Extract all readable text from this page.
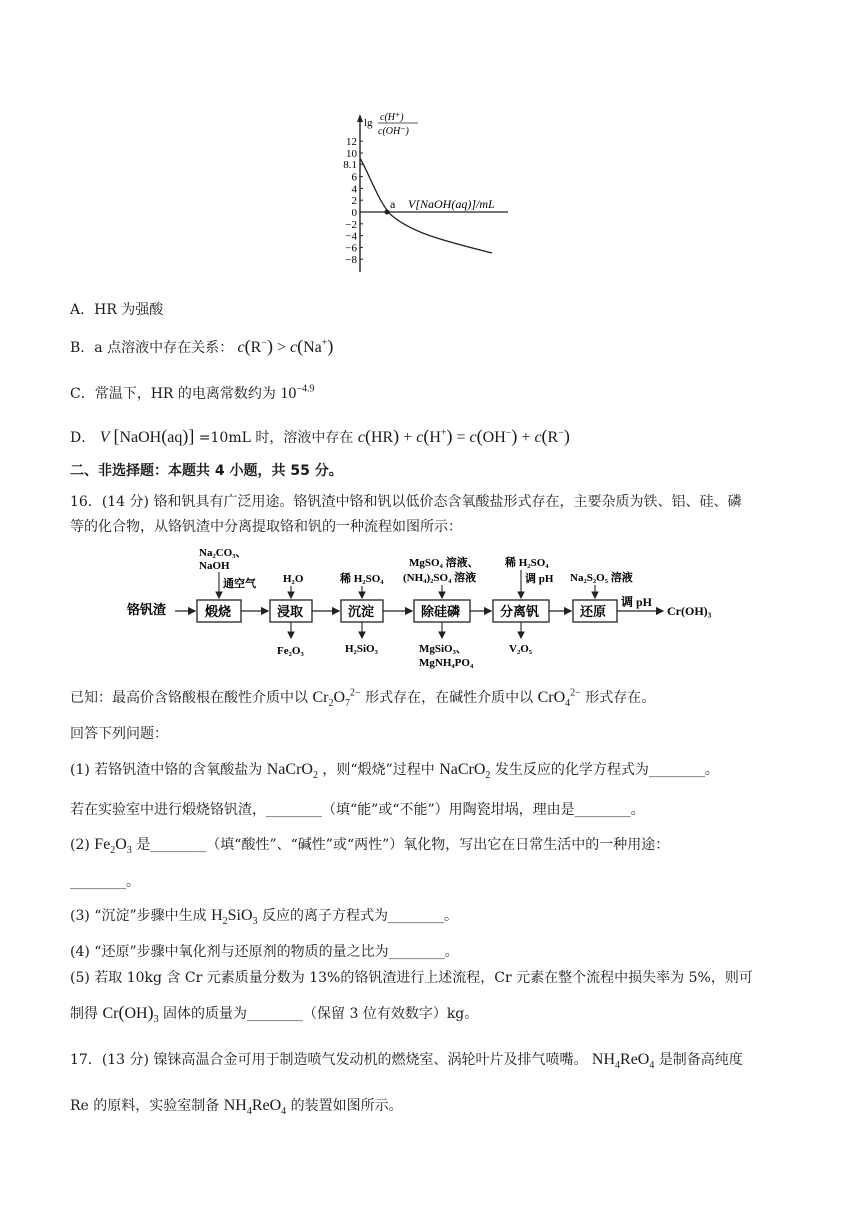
12
10
8.1
6
4
2
0
−2
−4
−6
−8
a V[NaOH(aq)]/mL
lg c(H⁺)
c(OH⁻)
A．HR 为强酸
B．a 点溶液中存在关系： c(R−) > c(Na+)
C．常温下，HR 的电离常数约为 $10^{-4.9}$
D． V [NaOH(aq)] =10mL 时，溶液中存在 c(HR) + c(H+) = c(OH−) + c(R−)
二、非选择题：本题共 4 小题，共 55 分。
16．(14 分) 铬和钒具有广泛用途。铬钒渣中铬和钒以低价态含氧酸盐形式存在，主要杂质为铁、铝、硅、磷
等的化合物，从铬钒渣中分离提取铬和钒的一种流程如图所示：
铬钒渣	煅烧	浸取	沉淀	除硅磷	分离钒	还原
调 pH
Cr(OH)₃
Na₂CO₃、
NaOH
通空气 H₂O	稀 H₂SO₄
MgSO₄ 溶液、
(NH₄)₂SO₄ 溶液
稀 H₂SO₄
调 pH Na₂S₂O₅ 溶液
Fe₂O₃	H₂SiO₃	MgSiO₃、
MgNH₄PO₄
V₂O₅
已知：最高价含铬酸根在酸性介质中以 $Cr_2O_7^{2-}$ 形式存在，在碱性介质中以 CrO$_4^{2-}$ 形式存在。
回答下列问题：
(1) 若铬钒渣中铬的含氧酸盐为 NaCrO$_2$ ，则“煅烧”过程中 NaCrO$_2$ 发生反应的化学方程式为________。
若在实验室中进行煅烧铬钒渣，________（填“能”或“不能”）用陶瓷坩埚，理由是________。
(2) $Fe_2O_3$ 是________（填“酸性”、“碱性”或“两性”）氧化物，写出它在日常生活中的一种用途：
________。
(3) “沉淀”步骤中生成 $H_2SiO_3$ 反应的离子方程式为________。
(4) “还原”步骤中氧化剂与还原剂的物质的量之比为________。
(5) 若取 10kg 含 Cr 元素质量分数为 13%的铬钒渣进行上述流程，Cr 元素在整个流程中损失率为 5%，则可
制得 $Cr(OH)_3$ 固体的质量为________（保留 3 位有效数字）kg。
17．(13 分) 镍铼高温合金可用于制造喷气发动机的燃烧室、涡轮叶片及排气喷嘴。 $NH_4ReO_4$ 是制备高纯度
Re 的原料，实验室制备 $NH_4ReO_4$ 的装置如图所示。
